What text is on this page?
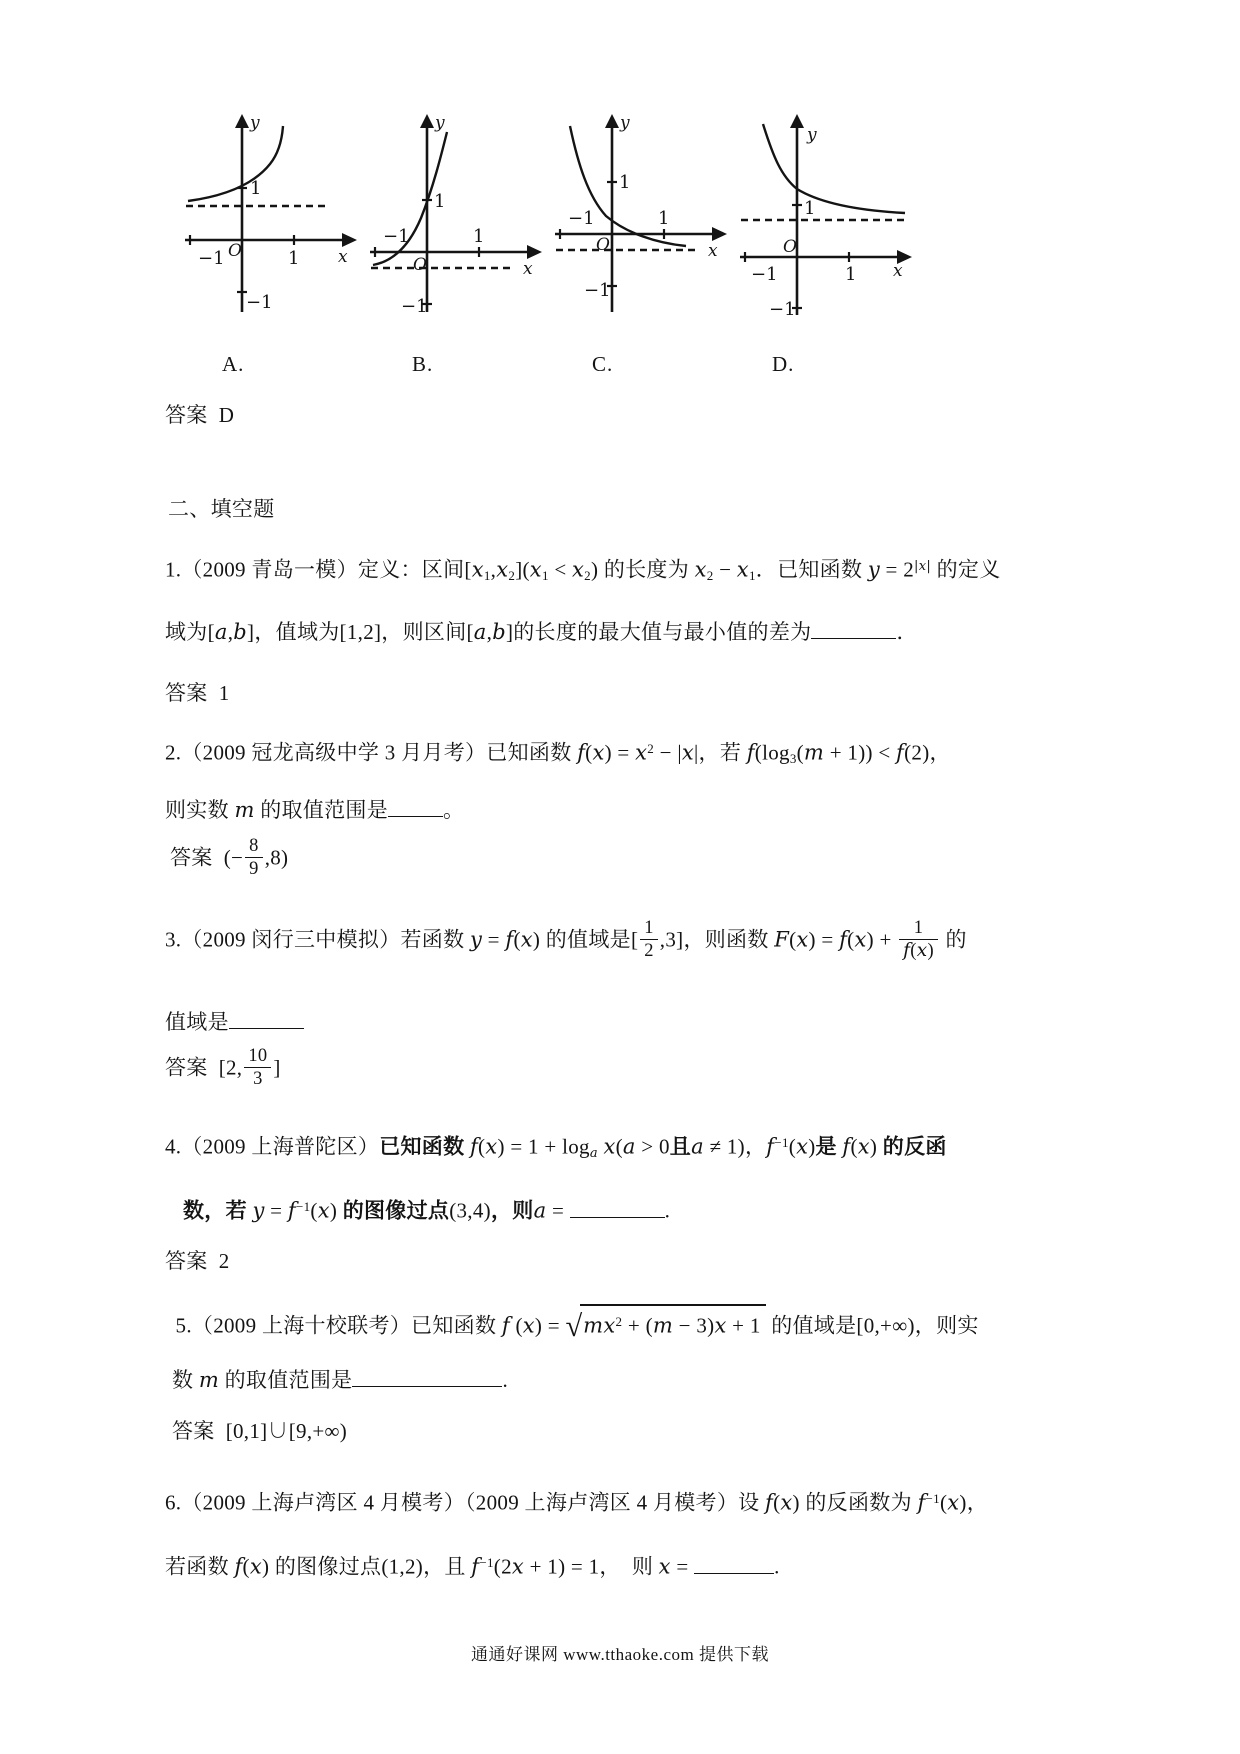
y
x
O
1
−1	1
−1
y
x
O
1
−1	1
−1
y
x
O
1
−1	1
−1
y
x
O
1
−1	1
−1
A.	B.	C.	D.
答案  D
二、填空题
1.（2009 青岛一模）定义：区间[x1,x2](x1 < x2) 的长度为 x2 − x1．已知函数 $y = 2^{|x|}$ 的定义
域为[a,b]，值域为[1,2]，则区间[a,b]的长度的最大值与最小值的差为	．
答案  1
2.（2009 冠龙高级中学 3 月月考）已知函数 $f(x) = x^2 - |x|$，若 f(log3(m + 1)) < f(2)，
则实数 m 的取值范围是	。
答案  (− $\frac{8}{9} ,8$)
3.（2009 闵行三中模拟）若函数 y = f(x) 的值域是[ $\frac{1}{2} ,3$]，则函数 $F(x) = f(x) + \frac{1}{f(x)}$ 的
值域是
答案  [2, $\frac{10}{3}$ ]
4.（2009 上海普陀区）已知函数 f(x) = 1 + loga x(a > 0且a ≠ 1)，$f^{-1}(x)$是 f(x) 的反函
数，若 $y = f^{-1}(x)$ 的图像过点(3,4)，则a =	.
答案  2
5.（2009 上海十校联考）已知函数 f (x) = √ $mx^2 + (m - 3)x + 1$ 的值域是[0,+∞)，则实
数 m 的取值范围是	.
答案  [0,1]∪[9,+∞)
6.（2009 上海卢湾区 4 月模考）（2009 上海卢湾区 4 月模考）设 f(x) 的反函数为 $f^{-1}(x)$，
若函数 f(x) 的图像过点(1,2)，且 $f^{-1}(2x + 1) = 1$，  则 x =	.
通通好课网 www.tthaoke.com 提供下载
